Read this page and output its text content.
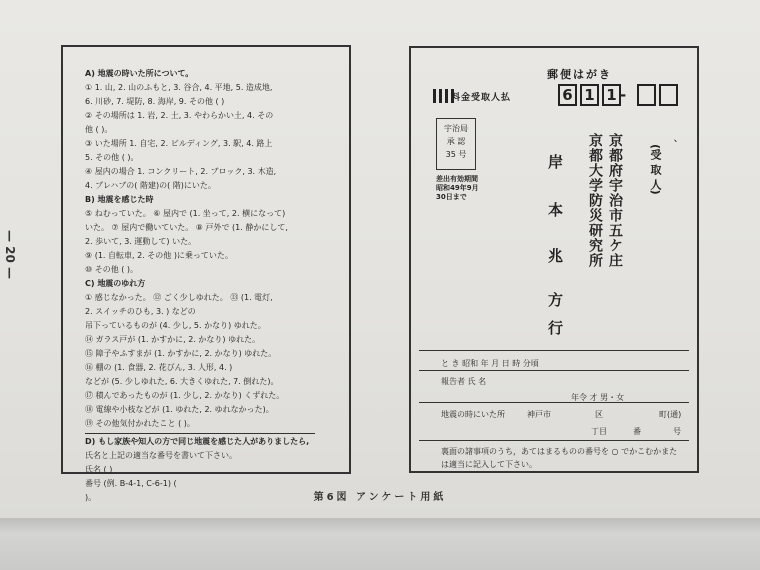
— 20 —
A) 地震の時いた所について。
① 1. 山, 2. 山のふもと, 3. 谷合, 4. 平地, 5. 造成地,
6. 川砂, 7. 堤防, 8. 海岸, 9. その他 ( )
② その場所は 1. 岩, 2. 土, 3. やわらかい土, 4. その
他 ( )。
③ いた場所 1. 自宅, 2. ビルディング, 3. 駅, 4. 路上
5. その他 ( )。
④ 屋内の場合 1. コンクリート, 2. ブロック, 3. 木造,
4. プレハブの( 階建)の( 階)にいた。
B) 地震を感じた時
⑤ ねむっていた。 ⑥ 屋内で (1. 坐って, 2. 横になって)
いた。 ⑦ 屋内で働いていた。 ⑧ 戸外で (1. 静かにして,
2. 歩いて, 3. 運動して) いた。
⑨ (1. 自転車, 2. その他 )に乗っていた。
⑩ その他 ( )。
C) 地震のゆれ方
① 感じなかった。 ⑫ ごく少しゆれた。 ⑬ (1. 電灯,
2. スイッチのひも, 3. ) などの
吊下っているものが (4. 少し, 5. かなり) ゆれた。
⑭ ガラス戸が (1. かすかに, 2. かなり) ゆれた。
⑮ 障子やふすまが (1. かすかに, 2. かなり) ゆれた。
⑯ 棚の (1. 食器, 2. 花びん, 3. 人形, 4. )
などが (5. 少しゆれた, 6. 大きくゆれた, 7. 倒れた)。
⑰ 積んであったものが (1. 少し, 2. かなり) くずれた。
⑱ 電線や小枝などが (1. ゆれた, 2. ゆれなかった)。
⑲ その他気付かれたこと ( )。
D) もし家族や知人の方で同じ地震を感じた人がありましたら,
氏名と上記の適当な番号を書いて下さい。
氏名 ( )
番号 (例. B-4-1, C-6-1) (
)。
郵便はがき
料金受取人払	6 1 1 -
宇治局
承 認
35 号
差出有効期間
昭和49年9月
30日まで	京都府宇治市五ケ庄
京都大学防災研究所	(受 取 人)
岸
本
兆
方
行
ˎ
と き 昭和 年 月 日 時 分頃
報告者 氏 名
年令 才 男・女
地震の時にいた所	神戸市	区	町(通)
丁目	番	号
裏面の諸事項のうち，あてはまるものの番号を ○ でかこむかまた
は適当に記入して下さい。
第6図 アンケート用紙
